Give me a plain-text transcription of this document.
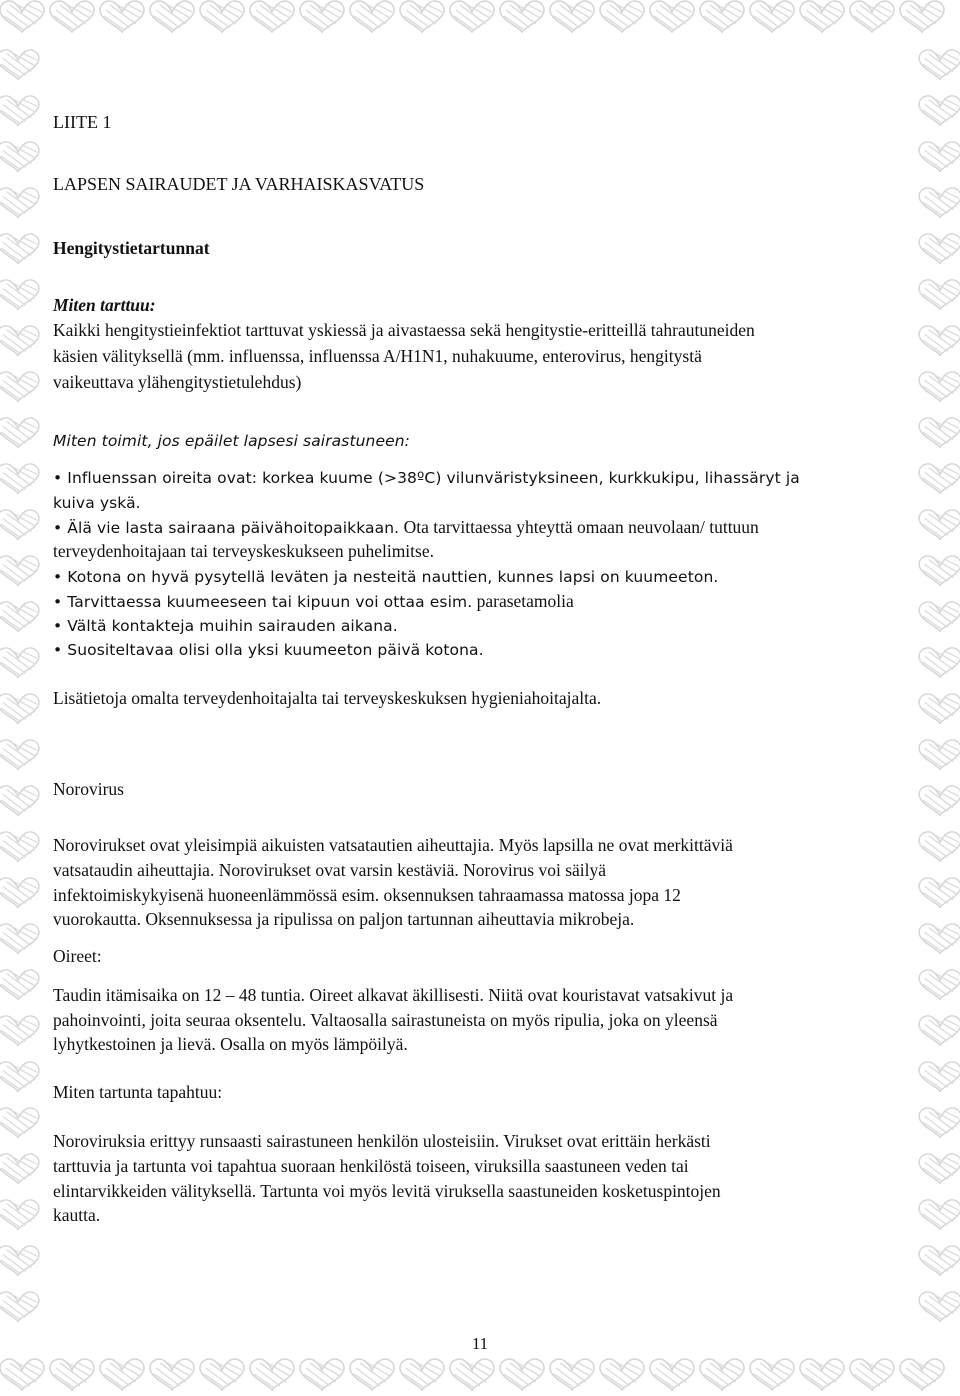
LIITE 1

LAPSEN SAIRAUDET JA VARHAISKASVATUS

Hengitystietartunnat

Miten tarttuu:

Kaikki hengitystieinfektiot tarttuvat yskiessä ja aivastaessa sekä hengitystie-eritteillä tahrautuneiden

käsien välityksellä (mm. influenssa, influenssa A/H1N1, nuhakuume, enterovirus, hengitystä

vaikeuttava ylähengitystietulehdus)

Miten toimit, jos epäilet lapsesi sairastuneen:

• Influenssan oireita ovat: korkea kuume (>38ºC) vilunväristyksineen, kurkkukipu, lihassäryt ja

kuiva yskä.

• Älä vie lasta sairaana päivähoitopaikkaan. Ota tarvittaessa yhteyttä omaan neuvolaan/ tuttuun

terveydenhoitajaan tai terveyskeskukseen puhelimitse.

• Kotona on hyvä pysytellä leväten ja nesteitä nauttien, kunnes lapsi on kuumeeton.

• Tarvittaessa kuumeeseen tai kipuun voi ottaa esim. parasetamolia

• Vältä kontakteja muihin sairauden aikana.

• Suositeltavaa olisi olla yksi kuumeeton päivä kotona.

Lisätietoja omalta terveydenhoitajalta tai terveyskeskuksen hygieniahoitajalta.

Norovirus

Norovirukset ovat yleisimpiä aikuisten vatsatautien aiheuttajia. Myös lapsilla ne ovat merkittäviä

vatsataudin aiheuttajia. Norovirukset ovat varsin kestäviä. Norovirus voi säilyä

infektoimiskykyisenä huoneenlämmössä esim. oksennuksen tahraamassa matossa jopa 12

vuorokautta. Oksennuksessa ja ripulissa on paljon tartunnan aiheuttavia mikrobeja.

Oireet:

Taudin itämisaika on 12 – 48 tuntia. Oireet alkavat äkillisesti. Niitä ovat kouristavat vatsakivut ja

pahoinvointi, joita seuraa oksentelu. Valtaosalla sairastuneista on myös ripulia, joka on yleensä

lyhytkestoinen ja lievä. Osalla on myös lämpöilyä.

Miten tartunta tapahtuu:

Noroviruksia erittyy runsaasti sairastuneen henkilön ulosteisiin. Virukset ovat erittäin herkästi

tarttuvia ja tartunta voi tapahtua suoraan henkilöstä toiseen, viruksilla saastuneen veden tai

elintarvikkeiden välityksellä. Tartunta voi myös levitä viruksella saastuneiden kosketuspintojen

kautta.

11
